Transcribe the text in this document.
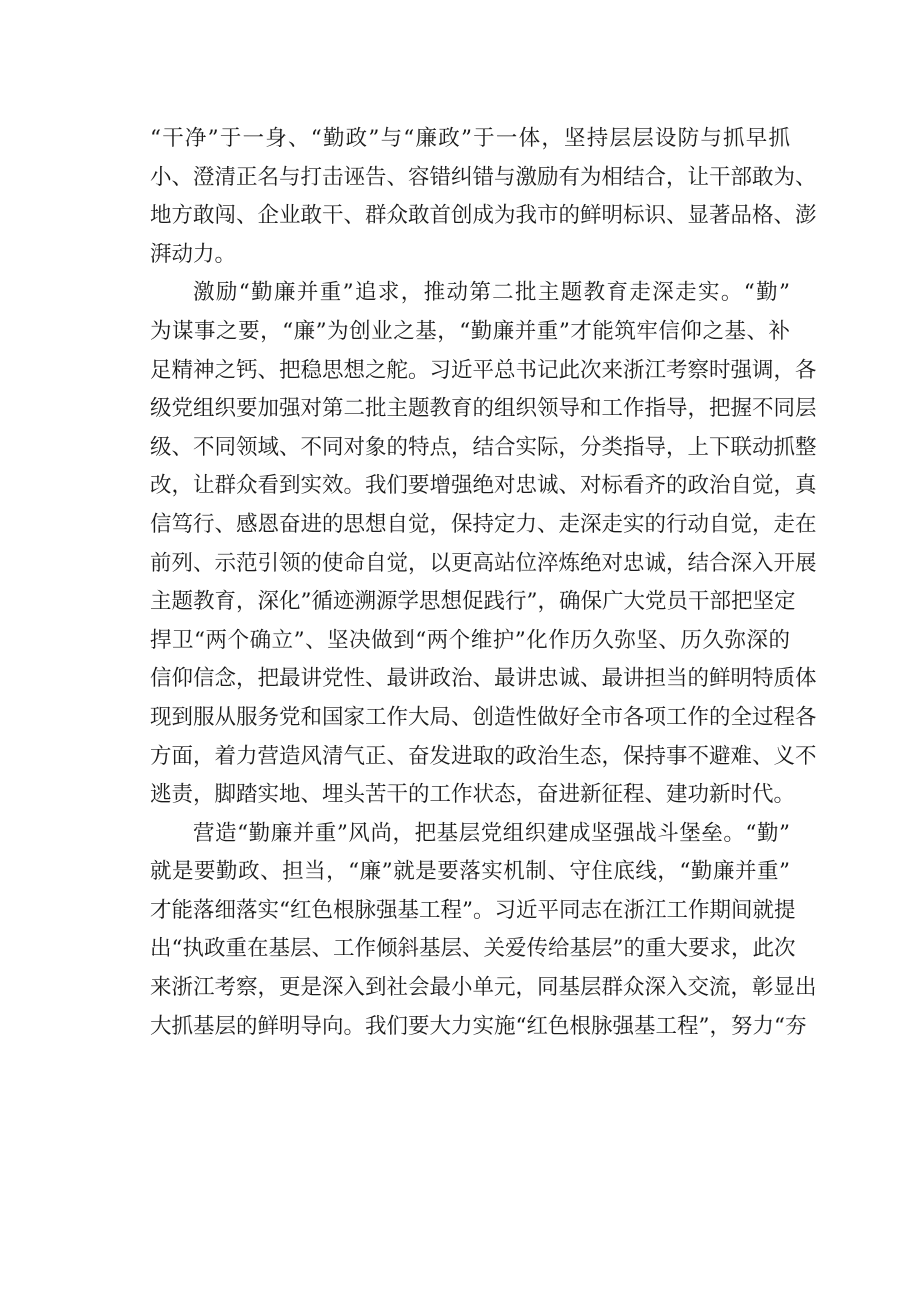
“干净”于一身、“勤政”与“廉政”于一体，坚持层层设防与抓早抓
小、澄清正名与打击诬告、容错纠错与激励有为相结合，让干部敢为、
地方敢闯、企业敢干、群众敢首创成为我市的鲜明标识、显著品格、澎
湃动力。
激励“勤廉并重”追求，推动第二批主题教育走深走实。“勤”
为谋事之要，“廉”为创业之基，“勤廉并重”才能筑牢信仰之基、补
足精神之钙、把稳思想之舵。习近平总书记此次来浙江考察时强调，各
级党组织要加强对第二批主题教育的组织领导和工作指导，把握不同层
级、不同领域、不同对象的特点，结合实际，分类指导，上下联动抓整
改，让群众看到实效。我们要增强绝对忠诚、对标看齐的政治自觉，真
信笃行、感恩奋进的思想自觉，保持定力、走深走实的行动自觉，走在
前列、示范引领的使命自觉，以更高站位淬炼绝对忠诚，结合深入开展
主题教育，深化”循迹溯源学思想促践行”，确保广大党员干部把坚定
捍卫“两个确立”、坚决做到“两个维护”化作历久弥坚、历久弥深的
信仰信念，把最讲党性、最讲政治、最讲忠诚、最讲担当的鲜明特质体
现到服从服务党和国家工作大局、创造性做好全市各项工作的全过程各
方面，着力营造风清气正、奋发进取的政治生态，保持事不避难、义不
逃责，脚踏实地、埋头苦干的工作状态，奋进新征程、建功新时代。
营造“勤廉并重”风尚，把基层党组织建成坚强战斗堡垒。“勤”
就是要勤政、担当，“廉”就是要落实机制、守住底线，“勤廉并重”
才能落细落实“红色根脉强基工程”。习近平同志在浙江工作期间就提
出“执政重在基层、工作倾斜基层、关爱传给基层”的重大要求，此次
来浙江考察，更是深入到社会最小单元，同基层群众深入交流，彰显出
大抓基层的鲜明导向。我们要大力实施“红色根脉强基工程”，努力“夯
